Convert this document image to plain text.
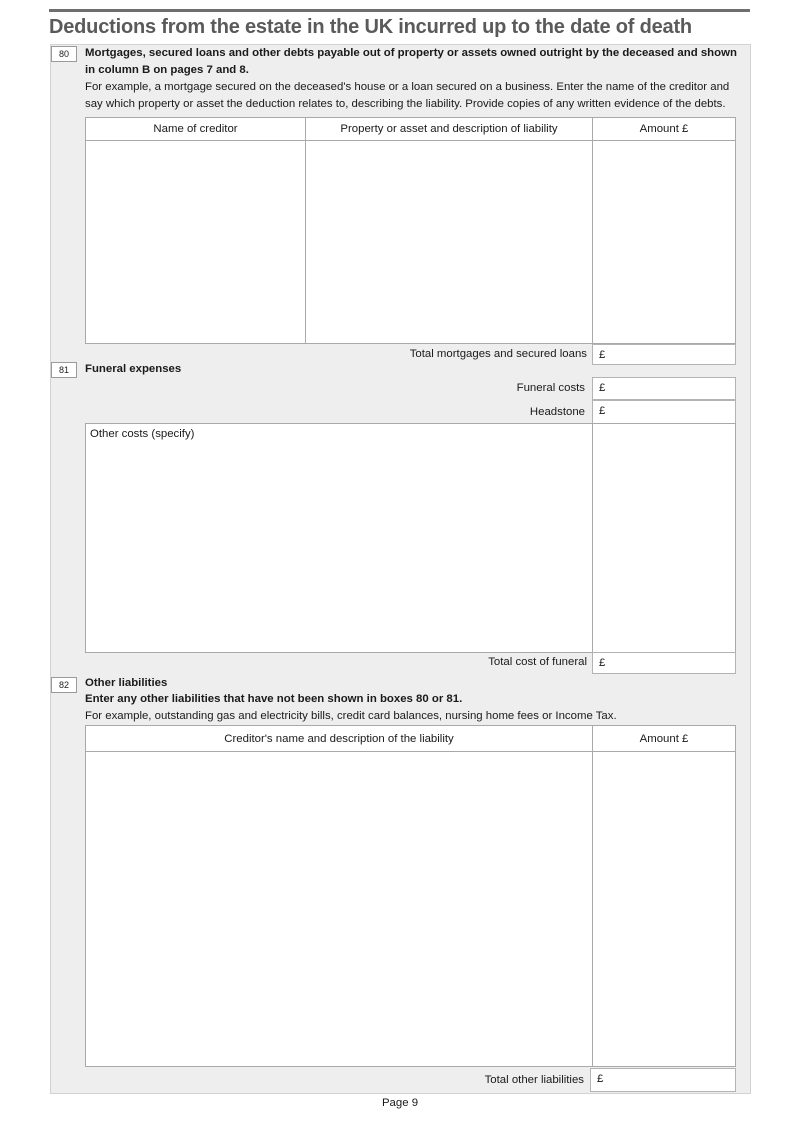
Deductions from the estate in the UK incurred up to the date of death
80	Mortgages, secured loans and other debts payable out of property or assets owned outright by the deceased and shown
in column B on pages 7 and 8.
For example, a mortgage secured on the deceased's house or a loan secured on a business. Enter the name of the creditor and
say which property or asset the deduction relates to, describing the liability. Provide copies of any written evidence of the debts.
Name of creditor	Property or asset and description of liability	Amount £
Total mortgages and secured loans	£
81	Funeral expenses
Funeral costs	£
Headstone	£
Other costs (specify)
Total cost of funeral	£
82	Other liabilities
Enter any other liabilities that have not been shown in boxes 80 or 81.
For example, outstanding gas and electricity bills, credit card balances, nursing home fees or Income Tax.
Creditor's name and description of the liability	Amount £
Total other liabilities	£
Page 9
